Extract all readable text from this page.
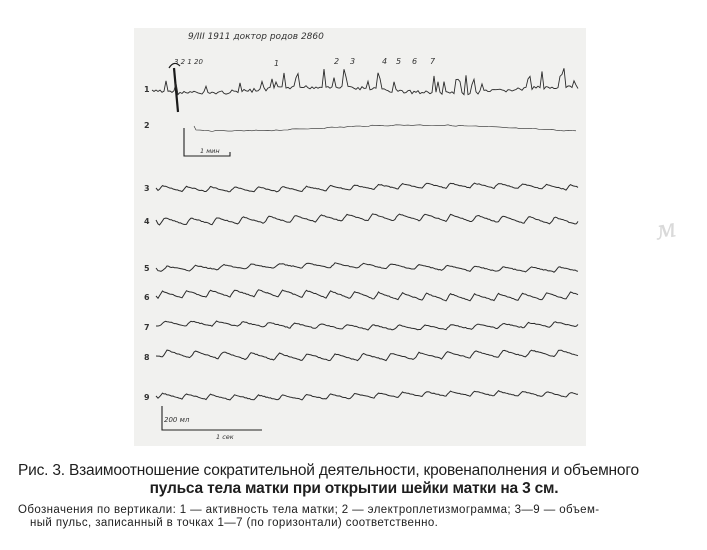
9/III 1911 доктор родов 2860
3 2 1 20	1	2 3	4 5 6 7
1
2
3
4
5
6
7
8
9
1 мин
200 мл
1 сек
м
Рис. 3. Взаимоотношение сократительной деятельности, кровенаполнения и объемного
пульса тела матки при открытии шейки матки на 3 см.
Обозначения по вертикали: 1 — активность тела матки; 2 — электроплетизмограмма; 3—9 — объем-
ный пульс, записанный в точках 1—7 (по горизонтали) соответственно.
